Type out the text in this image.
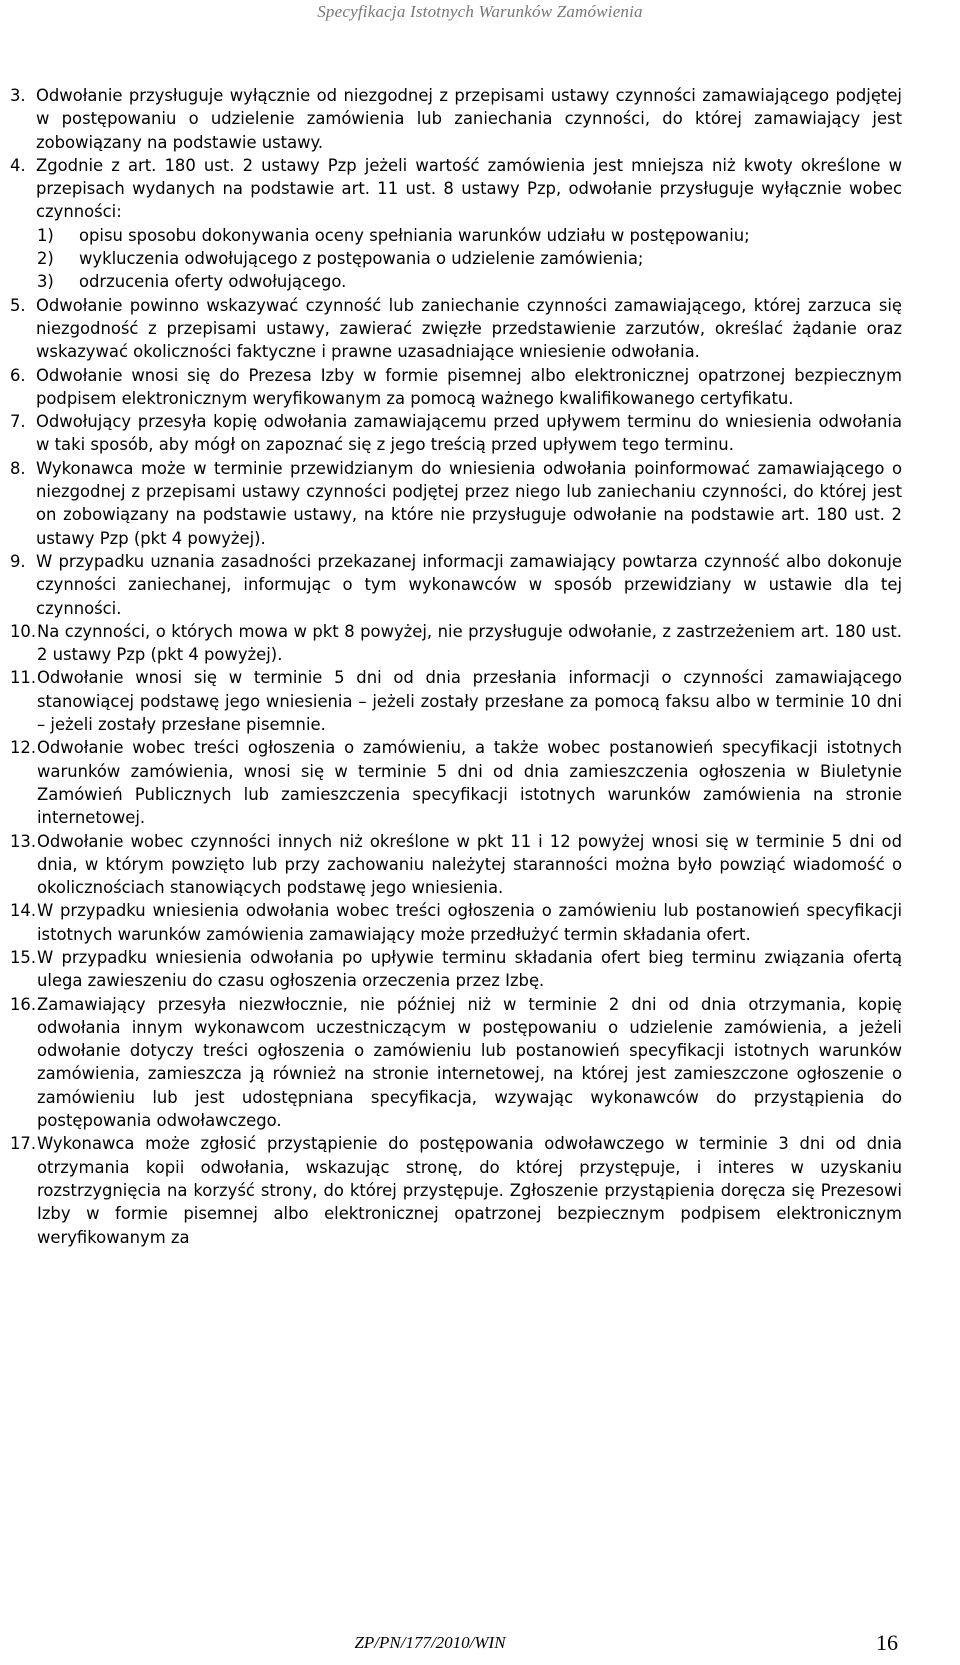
Specyfikacja Istotnych Warunków Zamówienia
3. Odwołanie przysługuje wyłącznie od niezgodnej z przepisami ustawy czynności zamawiającego podjętej w postępowaniu o udzielenie zamówienia lub zaniechania czynności, do której zamawiający jest zobowiązany na podstawie ustawy.
4. Zgodnie z art. 180 ust. 2 ustawy Pzp jeżeli wartość zamówienia jest mniejsza niż kwoty określone w przepisach wydanych na podstawie art. 11 ust. 8 ustawy Pzp, odwołanie przysługuje wyłącznie wobec czynności:
1)	opisu sposobu dokonywania oceny spełniania warunków udziału w postępowaniu;
2)	wykluczenia odwołującego z postępowania o udzielenie zamówienia;
3)	odrzucenia oferty odwołującego.
5. Odwołanie powinno wskazywać czynność lub zaniechanie czynności zamawiającego, której zarzuca się niezgodność z przepisami ustawy, zawierać zwięzłe przedstawienie zarzutów, określać żądanie oraz wskazywać okoliczności faktyczne i prawne uzasadniające wniesienie odwołania.
6. Odwołanie wnosi się do Prezesa Izby w formie pisemnej albo elektronicznej opatrzonej bezpiecznym podpisem elektronicznym weryfikowanym za pomocą ważnego kwalifikowanego certyfikatu.
7. Odwołujący przesyła kopię odwołania zamawiającemu przed upływem terminu do wniesienia odwołania w taki sposób, aby mógł on zapoznać się z jego treścią przed upływem tego terminu.
8. Wykonawca może w terminie przewidzianym do wniesienia odwołania poinformować zamawiającego o niezgodnej z przepisami ustawy czynności podjętej przez niego lub zaniechaniu czynności, do której jest on zobowiązany na podstawie ustawy, na które nie przysługuje odwołanie na podstawie art. 180 ust. 2 ustawy Pzp (pkt 4 powyżej).
9. W przypadku uznania zasadności przekazanej informacji zamawiający powtarza czynność albo dokonuje czynności zaniechanej, informując o tym wykonawców w sposób przewidziany w ustawie dla tej czynności.
10. Na czynności, o których mowa w pkt 8 powyżej, nie przysługuje odwołanie, z zastrzeżeniem art. 180 ust. 2 ustawy Pzp (pkt 4 powyżej).
11. Odwołanie wnosi się w terminie 5 dni od dnia przesłania informacji o czynności zamawiającego stanowiącej podstawę jego wniesienia – jeżeli zostały przesłane za pomocą faksu albo w terminie 10 dni – jeżeli zostały przesłane pisemnie.
12. Odwołanie wobec treści ogłoszenia o zamówieniu, a także wobec postanowień specyfikacji istotnych warunków zamówienia, wnosi się w terminie 5 dni od dnia zamieszczenia ogłoszenia w Biuletynie Zamówień Publicznych lub zamieszczenia specyfikacji istotnych warunków zamówienia na stronie internetowej.
13. Odwołanie wobec czynności innych niż określone w pkt 11 i 12 powyżej wnosi się w terminie 5 dni od dnia, w którym powzięto lub przy zachowaniu należytej staranności można było powziąć wiadomość o okolicznościach stanowiących podstawę jego wniesienia.
14. W przypadku wniesienia odwołania wobec treści ogłoszenia o zamówieniu lub postanowień specyfikacji istotnych warunków zamówienia zamawiający może przedłużyć termin składania ofert.
15. W przypadku wniesienia odwołania po upływie terminu składania ofert bieg terminu związania ofertą ulega zawieszeniu do czasu ogłoszenia orzeczenia przez Izbę.
16. Zamawiający przesyła niezwłocznie, nie później niż w terminie 2 dni od dnia otrzymania, kopię odwołania innym wykonawcom uczestniczącym w postępowaniu o udzielenie zamówienia, a jeżeli odwołanie dotyczy treści ogłoszenia o zamówieniu lub postanowień specyfikacji istotnych warunków zamówienia, zamieszcza ją również na stronie internetowej, na której jest zamieszczone ogłoszenie o zamówieniu lub jest udostępniana specyfikacja, wzywając wykonawców do przystąpienia do postępowania odwoławczego.
17. Wykonawca może zgłosić przystąpienie do postępowania odwoławczego w terminie 3 dni od dnia otrzymania kopii odwołania, wskazując stronę, do której przystępuje, i interes w uzyskaniu rozstrzygnięcia na korzyść strony, do której przystępuje. Zgłoszenie przystąpienia doręcza się Prezesowi Izby w formie pisemnej albo elektronicznej opatrzonej bezpiecznym podpisem elektronicznym weryfikowanym za
ZP/PN/177/2010/WIN	16
